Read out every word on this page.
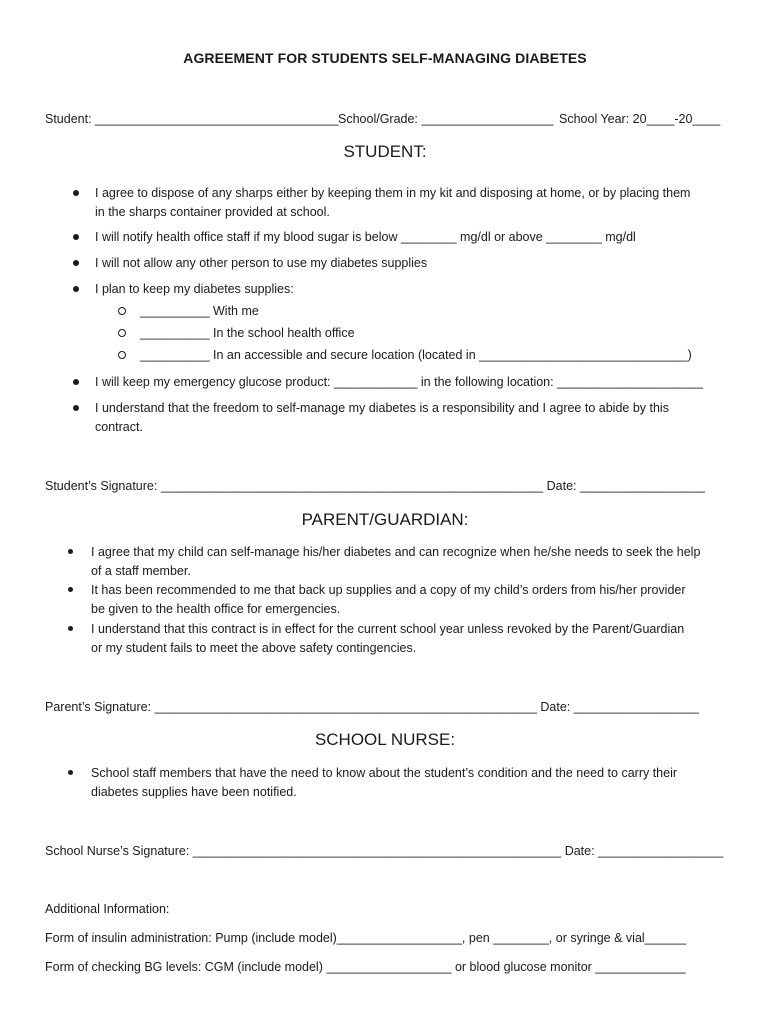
AGREEMENT FOR STUDENTS SELF-MANAGING DIABETES
Student: ___________________________________ School/Grade: ___________________ School Year: 20____-20____
STUDENT:
I agree to dispose of any sharps either by keeping them in my kit and disposing at home, or by placing them
in the sharps container provided at school.
I will notify health office staff if my blood sugar is below ________ mg/dl or above ________ mg/dl
I will not allow any other person to use my diabetes supplies
I plan to keep my diabetes supplies:
__________ With me
__________ In the school health office
__________ In an accessible and secure location (located in ______________________________)
I will keep my emergency glucose product: ____________ in the following location: _____________________
I understand that the freedom to self-manage my diabetes is a responsibility and I agree to abide by this
contract.
Student’s Signature: _______________________________________________________ Date: __________________
PARENT/GUARDIAN:
I agree that my child can self-manage his/her diabetes and can recognize when he/she needs to seek the help
of a staff member.
It has been recommended to me that back up supplies and a copy of my child’s orders from his/her provider
be given to the health office for emergencies.
I understand that this contract is in effect for the current school year unless revoked by the Parent/Guardian
or my student fails to meet the above safety contingencies.
Parent’s Signature: _______________________________________________________ Date: __________________
SCHOOL NURSE:
School staff members that have the need to know about the student’s condition and the need to carry their
diabetes supplies have been notified.
School Nurse’s Signature: _____________________________________________________ Date: __________________
Additional Information:
Form of insulin administration: Pump (include model)__________________, pen ________, or syringe & vial______
Form of checking BG levels: CGM (include model) __________________ or blood glucose monitor _____________
